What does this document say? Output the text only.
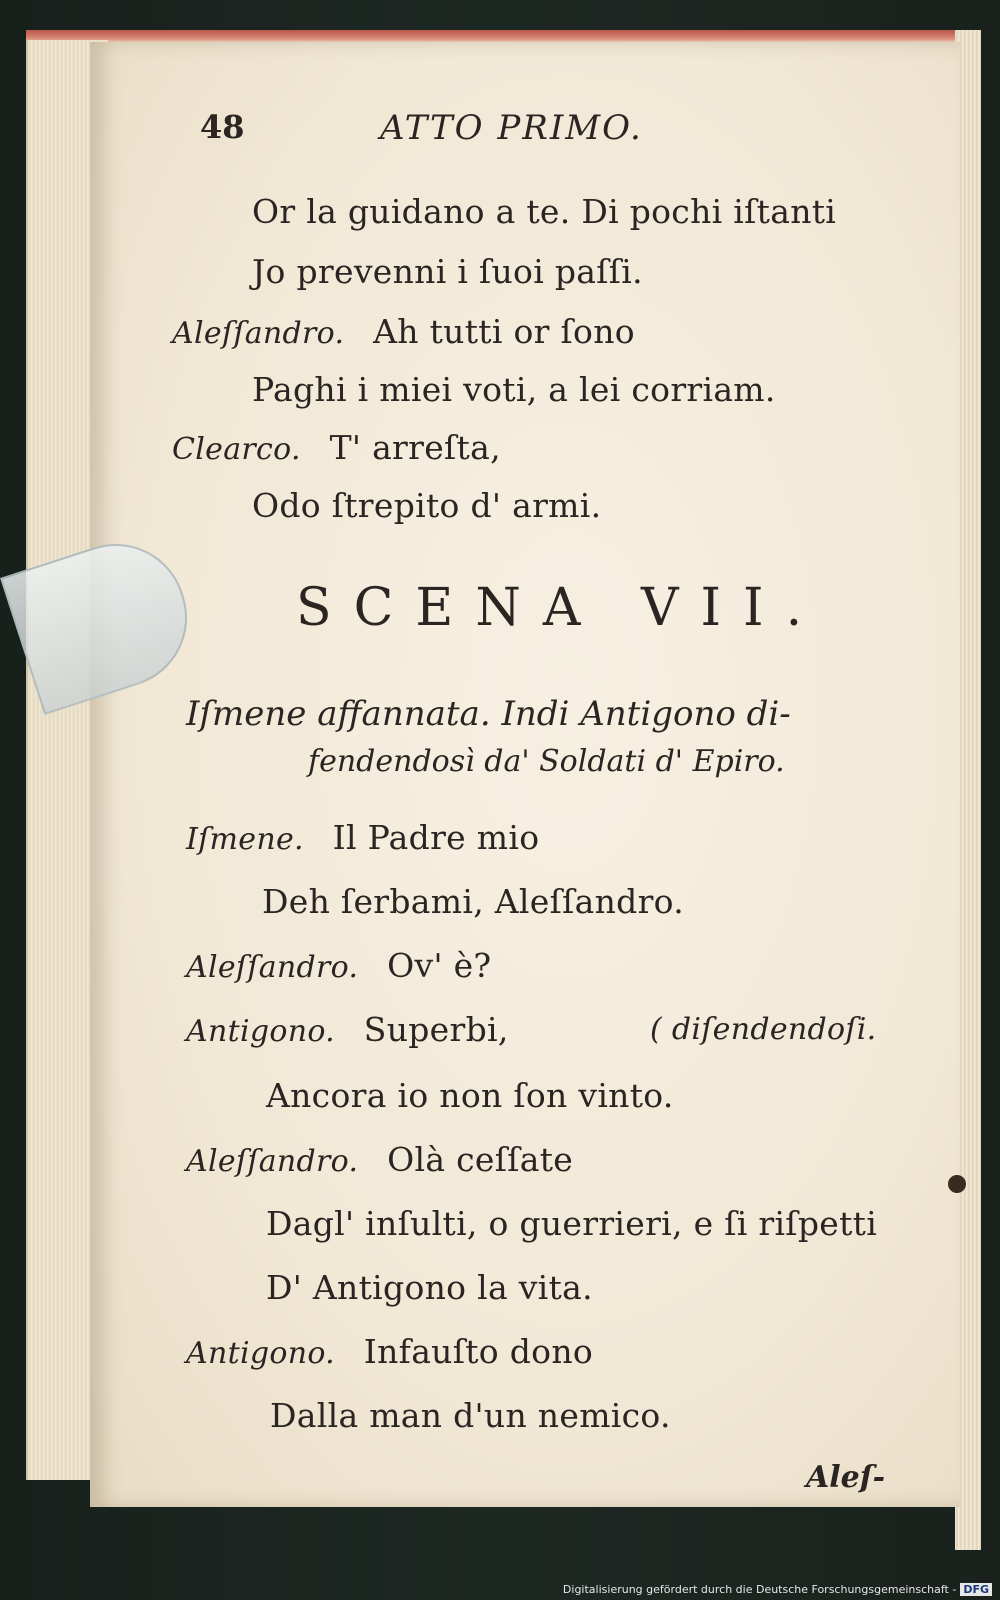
48	ATTO PRIMO.
Or la guidano a te. Di pochi iſtanti
Jo prevenni i ſuoi paſſi.
Aleſſandro. Ah tutti or ſono
Paghi i miei voti, a lei corriam.
Clearco. T' arreſta,
Odo ſtrepito d' armi.
SCENA VII.
Iſmene affannata. Indi Antigono di-
fendendosì da' Soldati d' Epiro.
Iſmene. Il Padre mio
Deh ſerbami, Aleſſandro.
Aleſſandro. Ov' è?
Antigono. Superbi,	( diſendendoſi.
Ancora io non ſon vinto.
Aleſſandro. Olà ceſſate
Dagl' inſulti, o guerrieri, e ſi riſpetti
D' Antigono la vita.
Antigono. Infauſto dono
Dalla man d'un nemico.
Aleſ-
Digitalisierung gefördert durch die Deutsche Forschungsgemeinschaft - DFG
